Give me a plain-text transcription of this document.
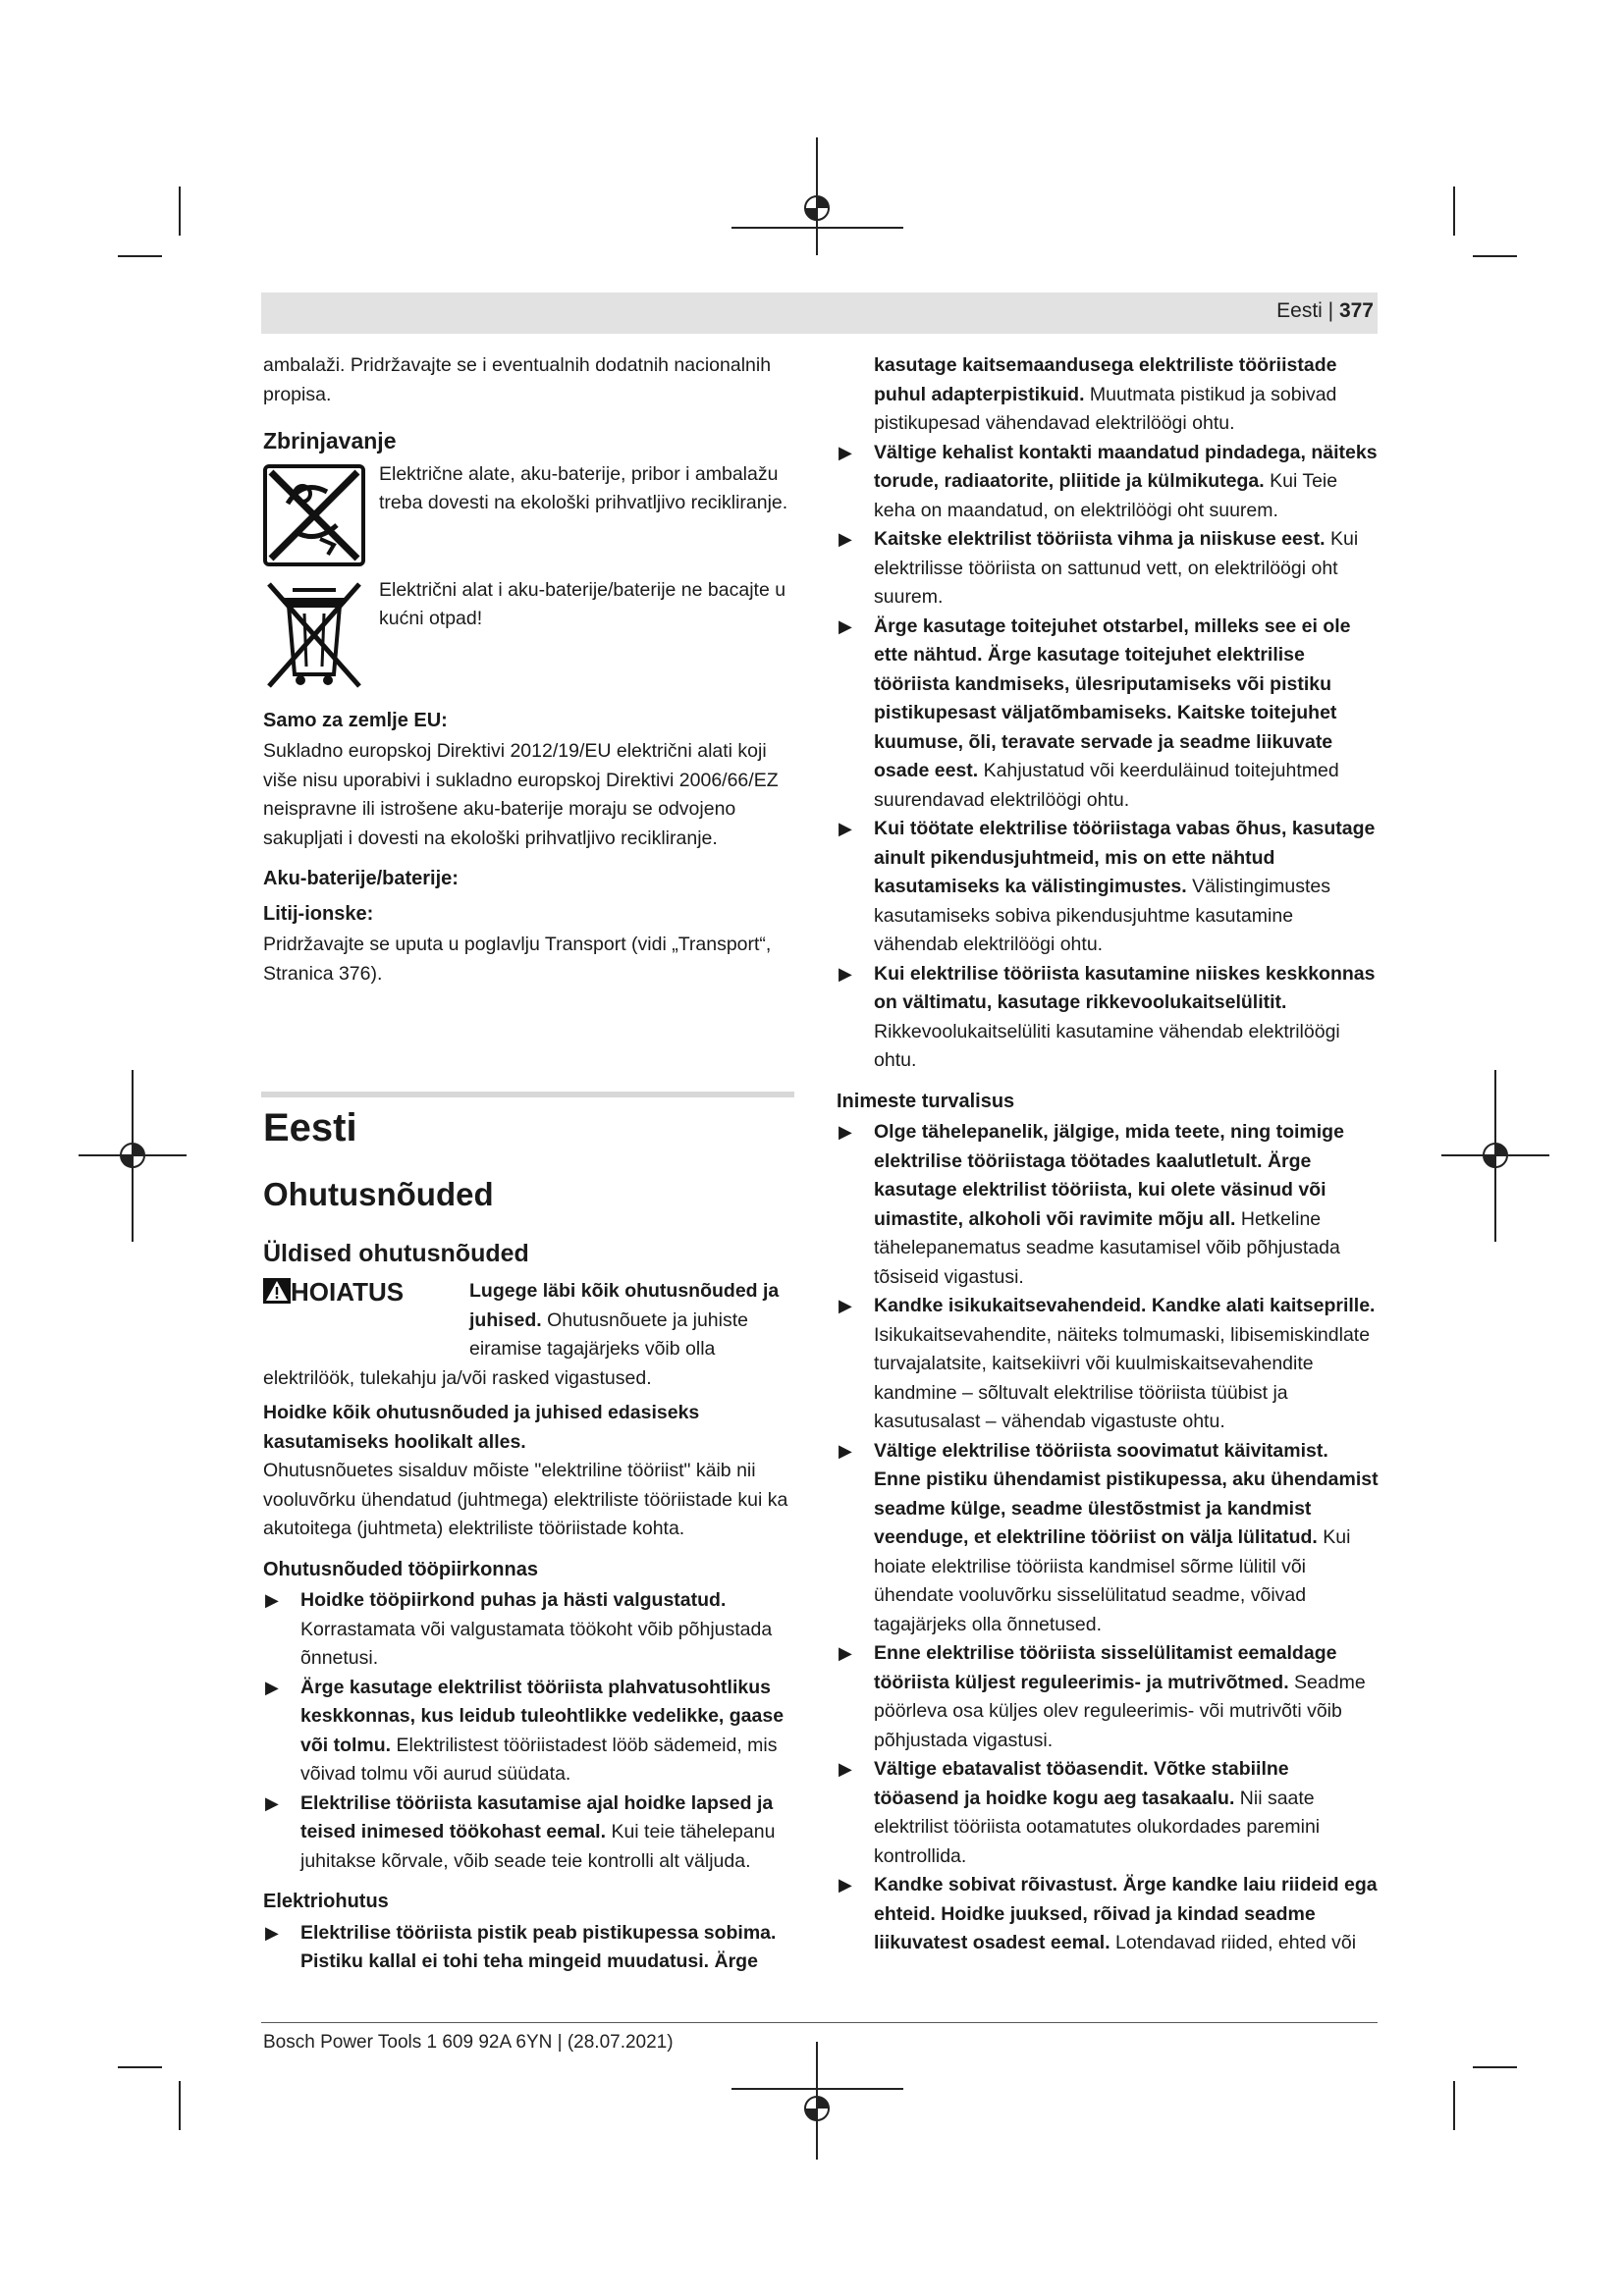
Eesti | 377

ambalaži. Pridržavajte se i eventualnih dodatnih nacionalnih propisa.

Zbrinjavanje

Električne alate, aku-baterije, pribor i ambalažu treba dovesti na ekološki prihvatljivo recikliranje.

Električni alat i aku-baterije/baterije ne bacajte u kućni otpad!

Samo za zemlje EU:

Sukladno europskoj Direktivi 2012/19/EU električni alati koji više nisu uporabivi i sukladno europskoj Direktivi 2006/66/EZ neispravne ili istrošene aku-baterije moraju se odvojeno sakupljati i dovesti na ekološki prihvatljivo recikliranje.

Aku-baterije/baterije:
Litij-ionske:

Pridržavajte se uputa u poglavlju Transport (vidi „Transport“, Stranica 376).

Eesti

Ohutusnõuded

Üldised ohutusnõuded

HOIATUS	Lugege läbi kõik ohutusnõuded ja juhised. Ohutusnõuete ja juhiste eiramise tagajärjeks võib olla elektrilöök, tulekahju ja/või rasked vigastused.

Hoidke kõik ohutusnõuded ja juhised edasiseks kasutamiseks hoolikalt alles.

Ohutusnõuetes sisalduv mõiste "elektriline tööriist" käib nii vooluvõrku ühendatud (juhtmega) elektriliste tööriistade kui ka akutoitega (juhtmeta) elektriliste tööriistade kohta.

Ohutusnõuded tööpiirkonnas

▶ Hoidke tööpiirkond puhas ja hästi valgustatud. Korrastamata või valgustamata töökoht võib põhjustada õnnetusi.

▶ Ärge kasutage elektrilist tööriista plahvatusohtlikus keskkonnas, kus leidub tuleohtlikke vedelikke, gaase või tolmu. Elektrilistest tööriistadest lööb sädemeid, mis võivad tolmu või aurud süüdata.

▶ Elektrilise tööriista kasutamise ajal hoidke lapsed ja teised inimesed töökohast eemal. Kui teie tähelepanu juhitakse kõrvale, võib seade teie kontrolli alt väljuda.

Elektriohutus

▶ Elektrilise tööriista pistik peab pistikupessa sobima. Pistiku kallal ei tohi teha mingeid muudatusi. Ärge

kasutage kaitsemaandusega elektriliste tööriistade puhul adapterpistikuid. Muutmata pistikud ja sobivad pistikupesad vähendavad elektrilöögi ohtu.

▶ Vältige kehalist kontakti maandatud pindadega, näiteks torude, radiaatorite, pliitide ja külmikutega. Kui Teie keha on maandatud, on elektrilöögi oht suurem.

▶ Kaitske elektrilist tööriista vihma ja niiskuse eest. Kui elektrilisse tööriista on sattunud vett, on elektrilöögi oht suurem.

▶ Ärge kasutage toitejuhet otstarbel, milleks see ei ole ette nähtud. Ärge kasutage toitejuhet elektrilise tööriista kandmiseks, ülesriputamiseks või pistiku pistikupesast väljatõmbamiseks. Kaitske toitejuhet kuumuse, õli, teravate servade ja seadme liikuvate osade eest. Kahjustatud või keerduläinud toitejuhtmed suurendavad elektrilöögi ohtu.

▶ Kui töötate elektrilise tööriistaga vabas õhus, kasutage ainult pikendusjuhtmeid, mis on ette nähtud kasutamiseks ka välistingimustes. Välistingimustes kasutamiseks sobiva pikendusjuhtme kasutamine vähendab elektrilöögi ohtu.

▶ Kui elektrilise tööriista kasutamine niiskes keskkonnas on vältimatu, kasutage rikkevoolukaitselülitit. Rikkevoolukaitselüliti kasutamine vähendab elektrilöögi ohtu.

Inimeste turvalisus

▶ Olge tähelepanelik, jälgige, mida teete, ning toimige elektrilise tööriistaga töötades kaalutletult. Ärge kasutage elektrilist tööriista, kui olete väsinud või uimastite, alkoholi või ravimite mõju all. Hetkeline tähelepanematus seadme kasutamisel võib põhjustada tõsiseid vigastusi.

▶ Kandke isikukaitsevahendeid. Kandke alati kaitseprille. Isikukaitsevahendite, näiteks tolmumaski, libisemiskindlate turvajalatsite, kaitsekiivri või kuulmiskaitsevahendite kandmine – sõltuvalt elektrilise tööriista tüübist ja kasutusalast – vähendab vigastuste ohtu.

▶ Vältige elektrilise tööriista soovimatut käivitamist. Enne pistiku ühendamist pistikupessa, aku ühendamist seadme külge, seadme ülestõstmist ja kandmist veenduge, et elektriline tööriist on välja lülitatud. Kui hoiate elektrilise tööriista kandmisel sõrme lülitil või ühendate vooluvõrku sisselülitatud seadme, võivad tagajärjeks olla õnnetused.

▶ Enne elektrilise tööriista sisselülitamist eemaldage tööriista küljest reguleerimis- ja mutrivõtmed. Seadme pöörleva osa küljes olev reguleerimis- või mutrivõti võib põhjustada vigastusi.

▶ Vältige ebatavalist tööasendit. Võtke stabiilne tööasend ja hoidke kogu aeg tasakaalu. Nii saate elektrilist tööriista ootamatutes olukordades paremini kontrollida.

▶ Kandke sobivat rõivastust. Ärge kandke laiu riideid ega ehteid. Hoidke juuksed, rõivad ja kindad seadme liikuvatest osadest eemal. Lotendavad riided, ehted või

Bosch Power Tools 1 609 92A 6YN | (28.07.2021)
